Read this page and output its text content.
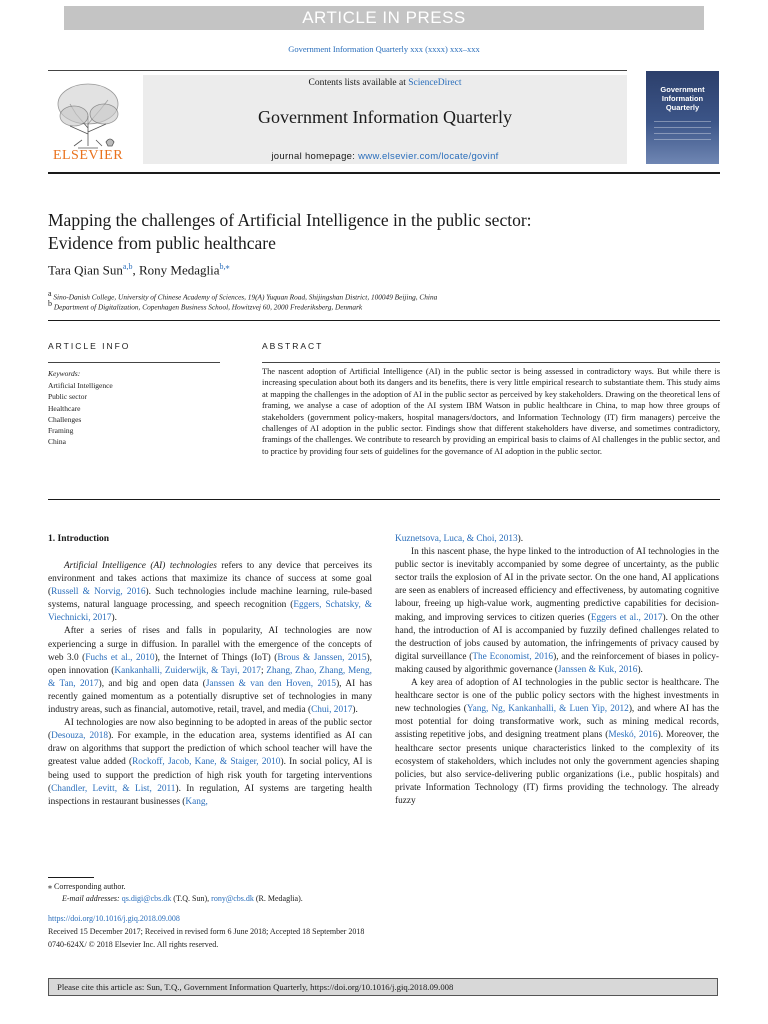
ARTICLE IN PRESS
Government Information Quarterly xxx (xxxx) xxx–xxx
ELSEVIER
Contents lists available at ScienceDirect
Government Information Quarterly
journal homepage: www.elsevier.com/locate/govinf
Government Information Quarterly
Mapping the challenges of Artificial Intelligence in the public sector:
Evidence from public healthcare
Tara Qian Sun$^{a,b}$, Rony Medaglia$^{b,⁎}$
a Sino-Danish College, University of Chinese Academy of Sciences, 19(A) Yuquan Road, Shijingshan District, 100049 Beijing, China
b Department of Digitalization, Copenhagen Business School, Howitzvej 60, 2000 Frederiksberg, Denmark
ARTICLE INFO	ABSTRACT
Keywords:
Artificial Intelligence
Public sector
Healthcare
Challenges
Framing
China
The nascent adoption of Artificial Intelligence (AI) in the public sector is being assessed in contradictory ways. But while there is increasing speculation about both its dangers and its benefits, there is very little empirical research to substantiate them. This study aims at mapping the challenges in the adoption of AI in the public sector as perceived by key stakeholders. Drawing on the theoretical lens of framing, we analyse a case of adoption of the AI system IBM Watson in public healthcare in China, to map how three groups of stakeholders (government policy-makers, hospital managers/doctors, and Information Technology (IT) firm managers) perceive the challenges of AI adoption in the public sector. Findings show that different stakeholders have diverse, and sometimes contradictory, framings of the challenges. We contribute to research by providing an empirical basis to claims of AI challenges in the public sector, and to practice by providing four sets of guidelines for the governance of AI adoption in the public sector.
1. Introduction

Artificial Intelligence (AI) technologies refers to any device that perceives its environment and takes actions that maximize its chance of success at some goal (Russell & Norvig, 2016). Such technologies include machine learning, rule-based systems, natural language processing, and speech recognition (Eggers, Schatsky, & Viechnicki, 2017).

After a series of rises and falls in popularity, AI technologies are now experiencing a surge in diffusion. In parallel with the emergence of the concepts of web 3.0 (Fuchs et al., 2010), the Internet of Things (IoT) (Brous & Janssen, 2015), open innovation (Kankanhalli, Zuiderwijk, & Tayi, 2017; Zhang, Zhao, Zhang, Meng, & Tan, 2017), and big and open data (Janssen & van den Hoven, 2015), AI has recently gained momentum as a potentially disruptive set of technologies in many industry areas, such as financial, automotive, retail, travel, and media (Chui, 2017).

AI technologies are now also beginning to be adopted in areas of the public sector (Desouza, 2018). For example, in the education area, systems identified as AI can draw on algorithms that support the prediction of which school teacher will have the greatest value added (Rockoff, Jacob, Kane, & Staiger, 2010). In social policy, AI is being used to support the prediction of high risk youth for targeting interventions (Chandler, Levitt, & List, 2011). In regulation, AI systems are targeting health inspections in restaurant businesses (Kang,

Kuznetsova, Luca, & Choi, 2013).

In this nascent phase, the hype linked to the introduction of AI technologies in the public sector is inevitably accompanied by some degree of uncertainty, as the public sector trails the explosion of AI in the private sector. On the one hand, AI applications are seen as enablers of increased efficiency and effectiveness, by automating cognitive labour, freeing up high-value work, augmenting predictive capabilities for decision-making, and improving services to citizen queries (Eggers et al., 2017). On the other hand, the introduction of AI is accompanied by fuzzily defined challenges related to the destruction of jobs caused by automation, the infringements of privacy caused by digital surveillance (The Economist, 2016), and the reinforcement of biases in policy-making caused by algorithmic governance (Janssen & Kuk, 2016).

A key area of adoption of AI technologies in the public sector is healthcare. The healthcare sector is one of the public policy sectors with the highest investments in new technologies (Yang, Ng, Kankanhalli, & Luen Yip, 2012), and where AI has the most potential for doing transformative work, such as mining medical records, assisting repetitive jobs, and designing treatment plans (Meskó, 2016). Moreover, the healthcare sector presents unique characteristics linked to the complexity of its ecosystem of stakeholders, which includes not only the government agencies shaping policies, but also service-delivering public organizations (i.e., public hospitals) and private Information Technology (IT) firms providing the technology. The already fuzzy

⁎ Corresponding author.
E-mail addresses: qs.digi@cbs.dk (T.Q. Sun), rony@cbs.dk (R. Medaglia).
https://doi.org/10.1016/j.giq.2018.09.008
Received 15 December 2017; Received in revised form 6 June 2018; Accepted 18 September 2018
0740-624X/ © 2018 Elsevier Inc. All rights reserved.
Please cite this article as: Sun, T.Q., Government Information Quarterly, https://doi.org/10.1016/j.giq.2018.09.008
